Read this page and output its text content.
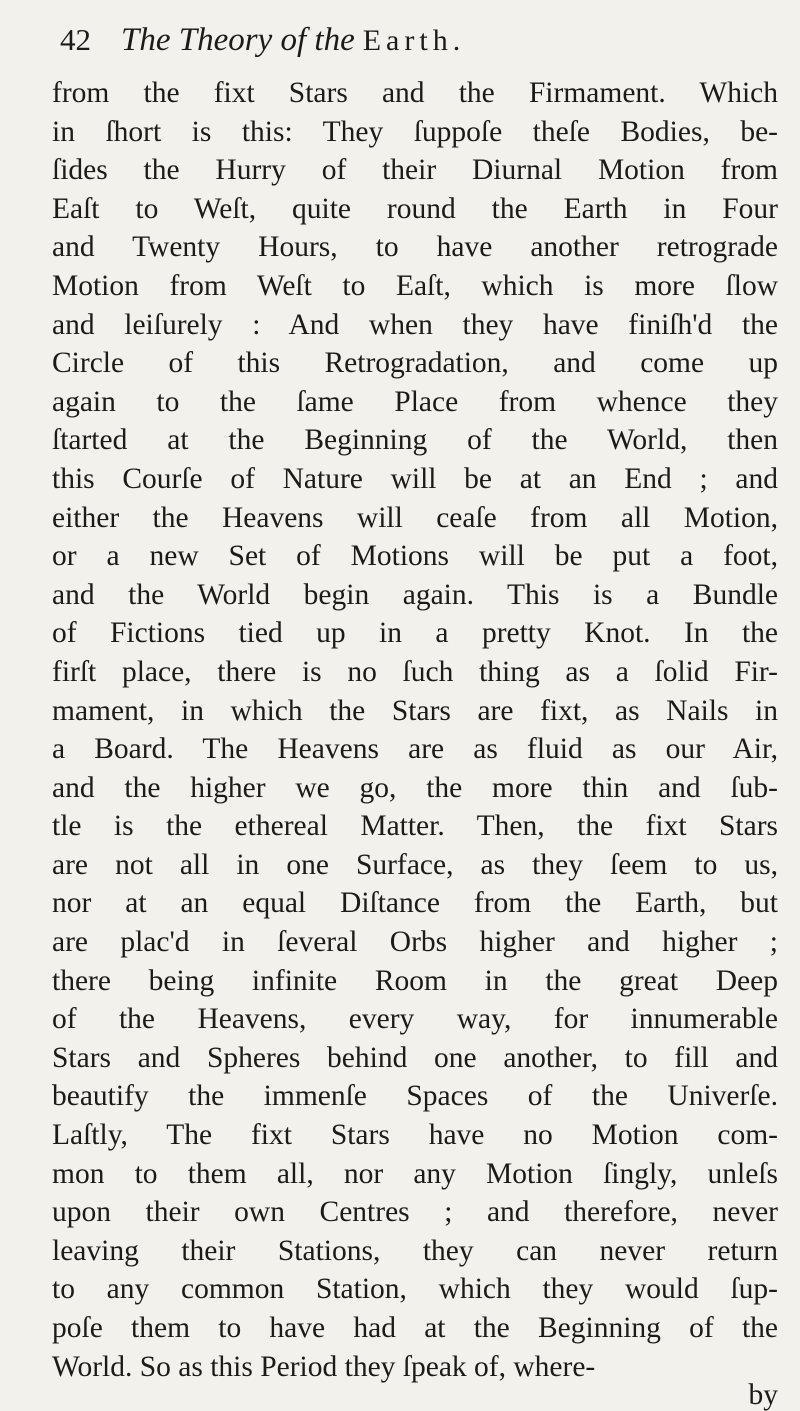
42 The Theory of the Earth.
from the fixt Stars and the Firmament. Which
in ſhort is this: They ſuppoſe theſe Bodies, be-
ſides the Hurry of their Diurnal Motion from
Eaſt to Weſt, quite round the Earth in Four
and Twenty Hours, to have another retrograde
Motion from Weſt to Eaſt, which is more ſlow
and leiſurely : And when they have finiſh'd the
Circle of this Retrogradation, and come up
again to the ſame Place from whence they
ſtarted at the Beginning of the World, then
this Courſe of Nature will be at an End ; and
either the Heavens will ceaſe from all Motion,
or a new Set of Motions will be put a foot,
and the World begin again. This is a Bundle
of Fictions tied up in a pretty Knot. In the
firſt place, there is no ſuch thing as a ſolid Fir-
mament, in which the Stars are fixt, as Nails in
a Board. The Heavens are as fluid as our Air,
and the higher we go, the more thin and ſub-
tle is the ethereal Matter. Then, the fixt Stars
are not all in one Surface, as they ſeem to us,
nor at an equal Diſtance from the Earth, but
are plac'd in ſeveral Orbs higher and higher ;
there being infinite Room in the great Deep
of the Heavens, every way, for innumerable
Stars and Spheres behind one another, to fill and
beautify the immenſe Spaces of the Univerſe.
Laſtly, The fixt Stars have no Motion com-
mon to them all, nor any Motion ſingly, unleſs
upon their own Centres ; and therefore, never
leaving their Stations, they can never return
to any common Station, which they would ſup-
poſe them to have had at the Beginning of the
World. So as this Period they ſpeak of, where-
by
